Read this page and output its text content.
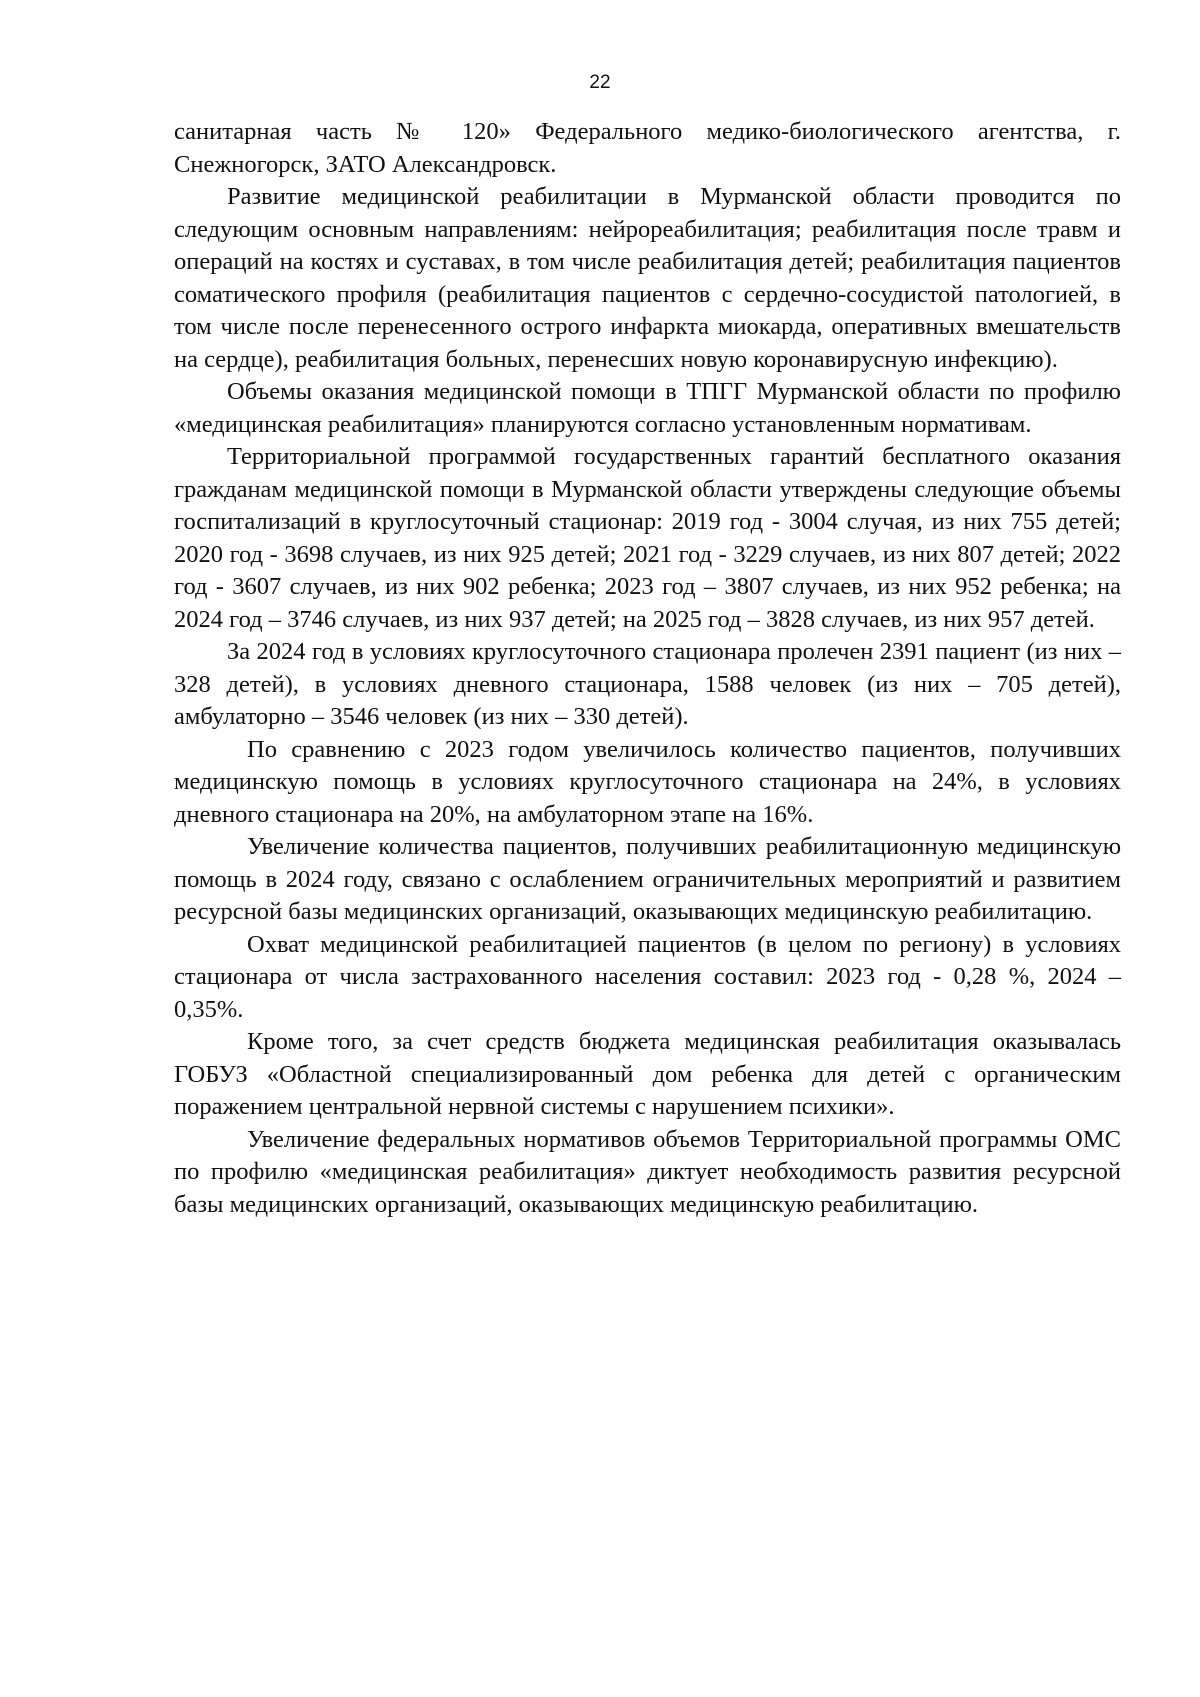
22

санитарная часть № 120» Федерального медико-биологического агентства, г. Снежногорск, ЗАТО Александровск.

Развитие медицинской реабилитации в Мурманской области проводится по следующим основным направлениям: нейрореабилитация; реабилитация после травм и операций на костях и суставах, в том числе реабилитация детей; реабилитация пациентов соматического профиля (реабилитация пациентов с сердечно-сосудистой патологией, в том числе после перенесенного острого инфаркта миокарда, оперативных вмешательств на сердце), реабилитация больных, перенесших новую коронавирусную инфекцию).

Объемы оказания медицинской помощи в ТПГГ Мурманской области по профилю «медицинская реабилитация» планируются согласно установленным нормативам.

Территориальной программой государственных гарантий бесплатного оказания гражданам медицинской помощи в Мурманской области утверждены следующие объемы госпитализаций в круглосуточный стационар: 2019 год - 3004 случая, из них 755 детей; 2020 год - 3698 случаев, из них 925 детей; 2021 год - 3229 случаев, из них 807 детей; 2022 год - 3607 случаев, из них 902 ребенка; 2023 год – 3807 случаев, из них 952 ребенка; на 2024 год – 3746 случаев, из них 937 детей; на 2025 год – 3828 случаев, из них 957 детей.

За 2024 год в условиях круглосуточного стационара пролечен 2391 пациент (из них – 328 детей), в условиях дневного стационара, 1588 человек (из них – 705 детей), амбулаторно – 3546 человек (из них – 330 детей).

По сравнению с 2023 годом увеличилось количество пациентов, получивших медицинскую помощь в условиях круглосуточного стационара на 24%, в условиях дневного стационара на 20%, на амбулаторном этапе на 16%.

Увеличение количества пациентов, получивших реабилитационную медицинскую помощь в 2024 году, связано с ослаблением ограничительных мероприятий и развитием ресурсной базы медицинских организаций, оказывающих медицинскую реабилитацию.

Охват медицинской реабилитацией пациентов (в целом по региону) в условиях стационара от числа застрахованного населения составил: 2023 год - 0,28 %, 2024 – 0,35%.

Кроме того, за счет средств бюджета медицинская реабилитация оказывалась ГОБУЗ «Областной специализированный дом ребенка для детей с органическим поражением центральной нервной системы с нарушением психики».

Увеличение федеральных нормативов объемов Территориальной программы ОМС по профилю «медицинская реабилитация» диктует необходимость развития ресурсной базы медицинских организаций, оказывающих медицинскую реабилитацию.
